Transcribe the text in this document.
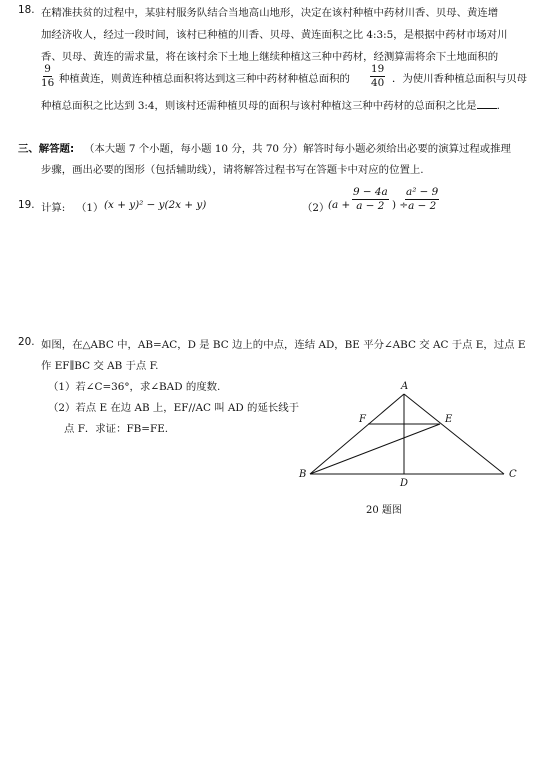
18. 在精准扶贫的过程中，某驻村服务队结合当地高山地形，决定在该村种植中药材川香、贝母、黄连增
加经济收人，经过一段时间，该村已种植的川香、贝母、黄连面积之比 4:3:5，是根据中药材市场对川
香、贝母、黄连的需求量，将在该村余下土地上继续种植这三种中药材，经测算需将余下土地面积的
$\frac{9}{16}$ 种植黄连，则黄连种植总面积将达到这三种中药材种植总面积的 $\frac{19}{40}$ ．为使川香种植总面积与贝母
种植总面积之比达到 3:4，则该村还需种植贝母的面积与该村种植这三种中药材的总面积之比是 .
三、解答题: （本大题 7 个小题，每小题 10 分，共 70 分）解答时每小题必须给出必要的演算过程或推理
步骤，画出必要的图形（包括辅助线），请将解答过程书写在答题卡中对应的位置上.
19. 计算: （1） (x + y)² − y(2x + y)	（2）
($a + \frac{9 - 4a}{a - 2}$ ) ÷
$\frac{\text{a² − 9}}{a - 2}$
20. 如图，在△ABC 中，AB=AC，D 是 BC 边上的中点，连结 AD，BE 平分∠ABC 交 AC 于点 E，过点 E
作 EF∥BC 交 AB 于点 F.
（1）若∠C=36°，求∠BAD 的度数.
（2）若点 E 在边 AB 上，EF//AC 叫 AD 的延长线于
点 F．求证：FB=FE.
A
B	C
D
E
F
20 题图
